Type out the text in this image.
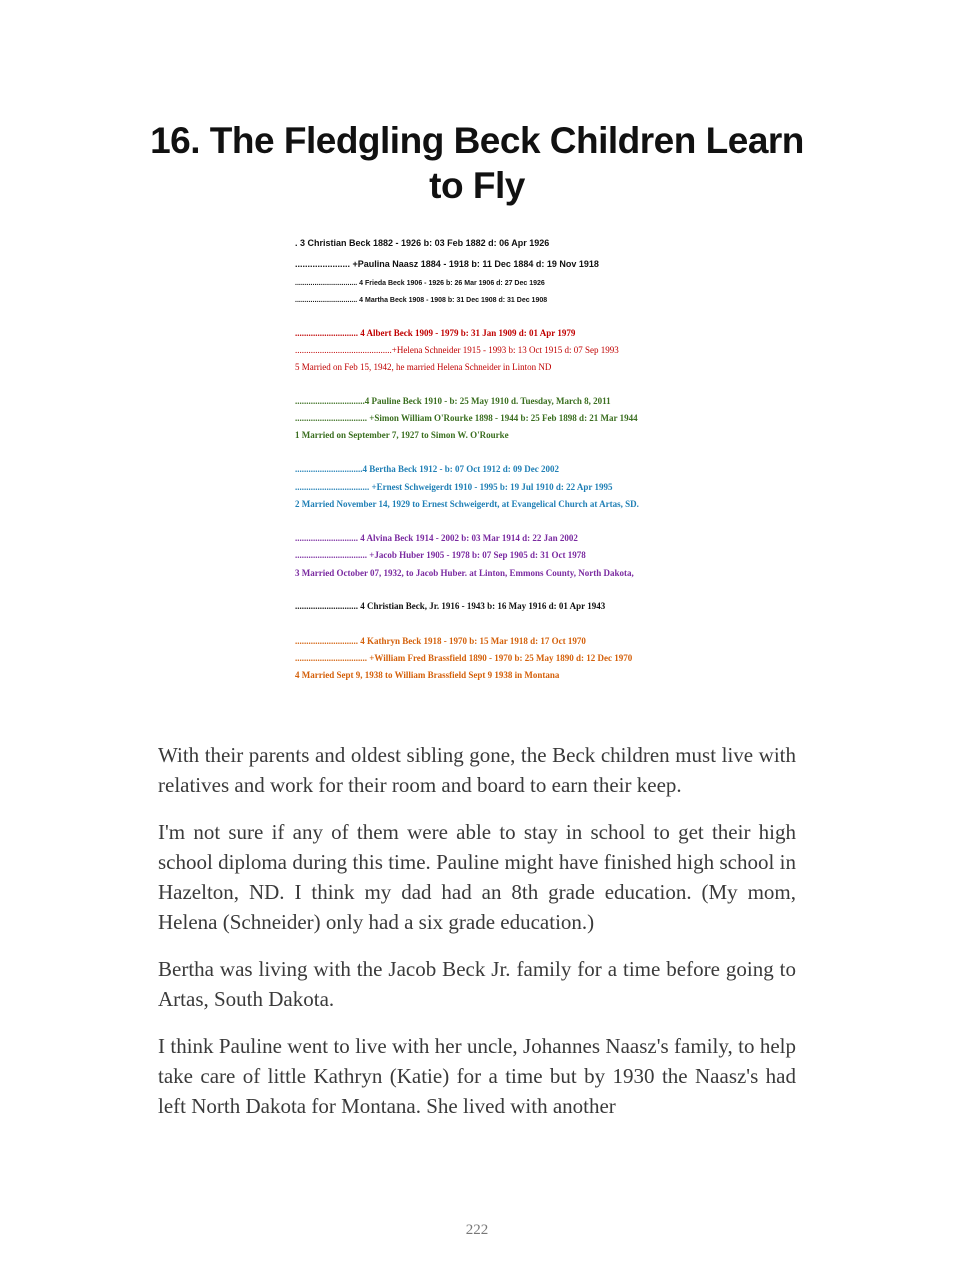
16. The Fledgling Beck Children Learn to Fly
. 3 Christian Beck 1882 - 1926 b: 03 Feb 1882 d: 06 Apr 1926
...................... +Paulina Naasz 1884 - 1918 b: 11 Dec 1884 d: 19 Nov 1918
................................ 4 Frieda Beck 1906 - 1926 b: 26 Mar 1906 d: 27 Dec 1926
................................ 4 Martha Beck 1908 - 1908 b: 31 Dec 1908 d: 31 Dec 1908
............................ 4 Albert Beck 1909 - 1979 b: 31 Jan 1909 d: 01 Apr 1979
...........................................+Helena Schneider 1915 - 1993 b: 13 Oct 1915 d: 07 Sep 1993
5 Married on Feb 15, 1942, he married Helena Schneider in Linton ND
...............................4 Pauline Beck 1910 - b: 25 May 1910 d. Tuesday, March 8, 2011
................................ +Simon William O'Rourke 1898 - 1944 b: 25 Feb 1898 d: 21 Mar 1944
1 Married on September 7, 1927 to Simon W. O'Rourke
..............................4 Bertha Beck 1912 - b: 07 Oct 1912 d: 09 Dec 2002
................................. +Ernest Schweigerdt 1910 - 1995 b: 19 Jul 1910 d: 22 Apr 1995
2 Married November 14, 1929 to Ernest Schweigerdt, at Evangelical Church at Artas, SD.
............................ 4 Alvina Beck 1914 - 2002 b: 03 Mar 1914 d: 22 Jan 2002
................................ +Jacob Huber 1905 - 1978 b: 07 Sep 1905 d: 31 Oct 1978
3 Married October 07, 1932, to Jacob Huber. at Linton, Emmons County, North Dakota,
............................ 4 Christian Beck, Jr. 1916 - 1943 b: 16 May 1916 d: 01 Apr 1943
............................ 4 Kathryn Beck 1918 - 1970 b: 15 Mar 1918 d: 17 Oct 1970
................................ +William Fred Brassfield 1890 - 1970 b: 25 May 1890 d: 12 Dec 1970
4 Married Sept 9, 1938 to William Brassfield Sept 9 1938 in Montana

With their parents and oldest sibling gone, the Beck children must live with relatives and work for their room and board to earn their keep.

I'm not sure if any of them were able to stay in school to get their high school diploma during this time. Pauline might have finished high school in Hazelton, ND. I think my dad had an 8th grade education. (My mom, Helena (Schneider) only had a six grade education.)

Bertha was living with the Jacob Beck Jr. family for a time before going to Artas, South Dakota.

I think Pauline went to live with her uncle, Johannes Naasz's family, to help take care of little Kathryn (Katie) for a time but by 1930 the Naasz's had left North Dakota for Montana. She lived with another

222
